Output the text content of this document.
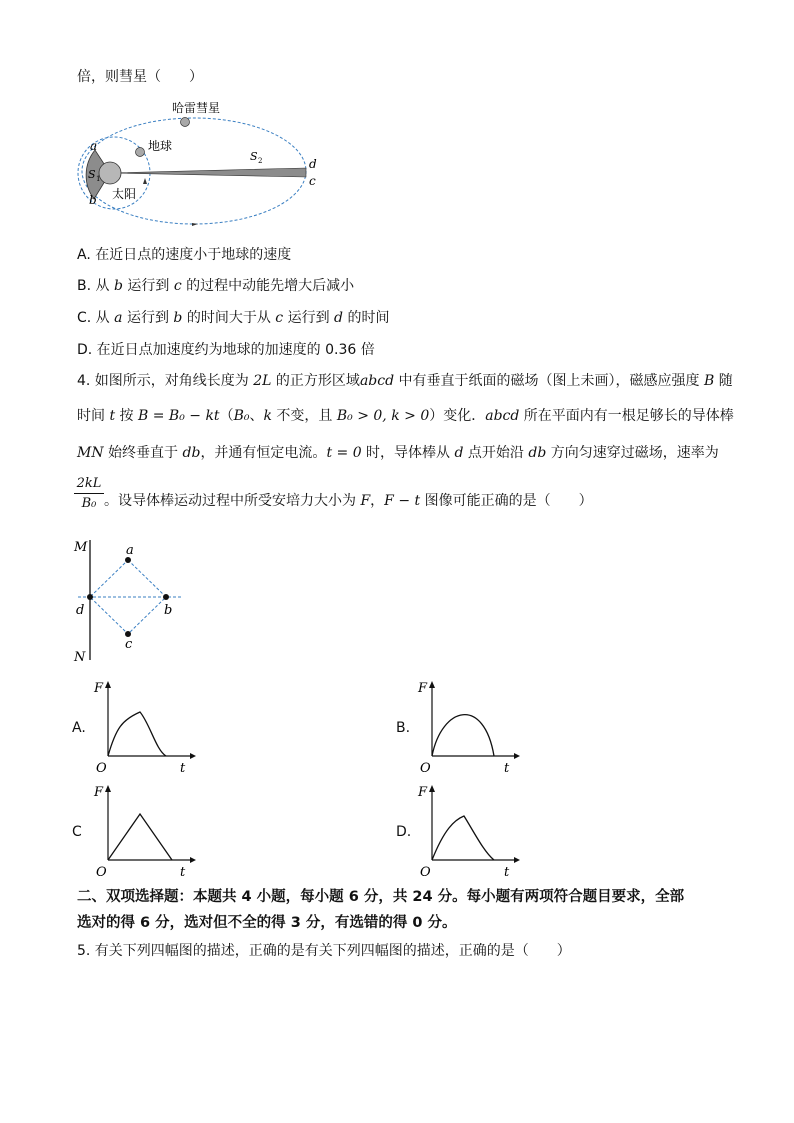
倍，则彗星（　　）
a
b
d
c
S 1
S 2
哈雷彗星
地球
太阳
A. 在近日点的速度小于地球的速度
B. 从 b 运行到 c 的过程中动能先增大后减小
C. 从 a 运行到 b 的时间大于从 c 运行到 d 的时间
D. 在近日点加速度约为地球的加速度的 0.36 倍
4. 如图所示，对角线长度为 2L 的正方形区域abcd 中有垂直于纸面的磁场（图上未画），磁感应强度 B 随
时间 t 按 B = B₀ − kt（B₀、k 不变，且 B₀ > 0, k > 0）变化．abcd 所在平面内有一根足够长的导体棒
MN 始终垂直于 db，并通有恒定电流。t = 0 时，导体棒从 d 点开始沿 db 方向匀速穿过磁场，速率为
2kL
B₀ 。设导体棒运动过程中所受安培力大小为 F，F − t 图像可能正确的是（　　）
M
N
a
b
c
d
A.	B.
C	D.
F
O	t
F
O	t
F
O	t
F
O	t
二、双项选择题：本题共 4 小题，每小题 6 分，共 24 分。每小题有两项符合题目要求，全部
选对的得 6 分，选对但不全的得 3 分，有选错的得 0 分。
5. 有关下列四幅图的描述，正确的是有关下列四幅图的描述，正确的是（　　）
